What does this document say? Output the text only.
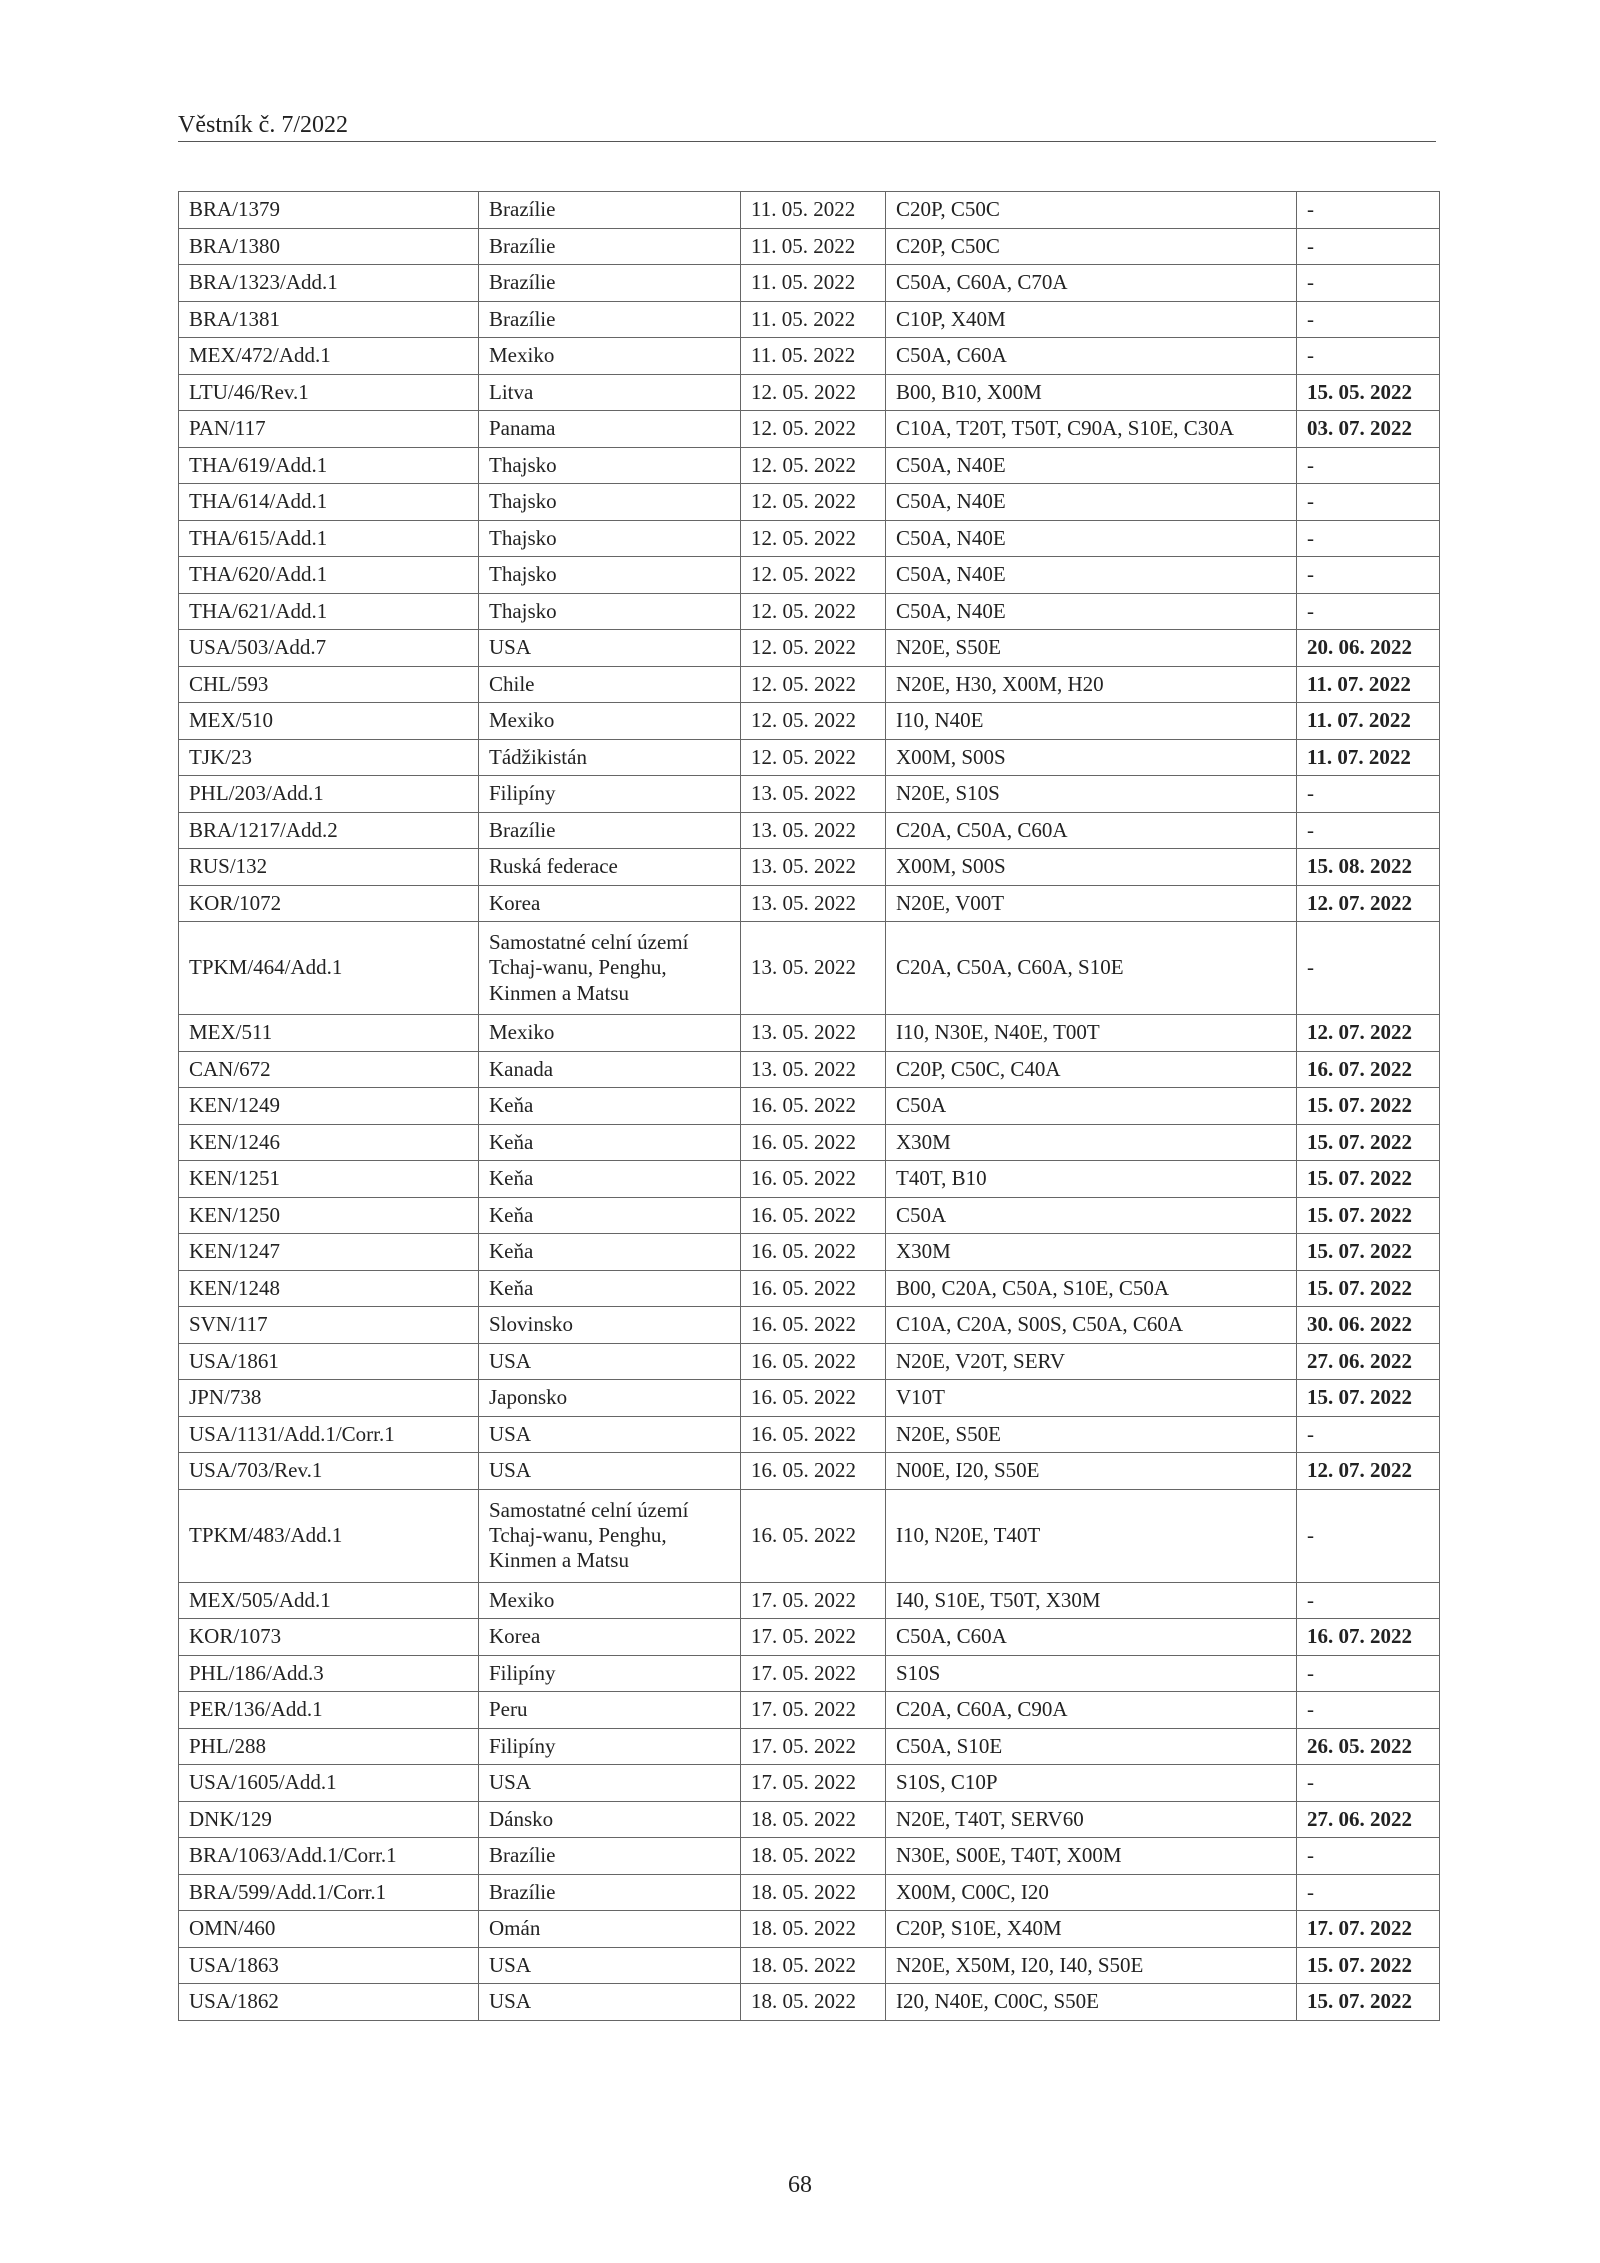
Věstník č. 7/2022
BRA/1379	Brazílie	11. 05. 2022	C20P, C50C	-
BRA/1380	Brazílie	11. 05. 2022	C20P, C50C	-
BRA/1323/Add.1	Brazílie	11. 05. 2022	C50A, C60A, C70A	-
BRA/1381	Brazílie	11. 05. 2022	C10P, X40M	-
MEX/472/Add.1	Mexiko	11. 05. 2022	C50A, C60A	-
LTU/46/Rev.1	Litva	12. 05. 2022	B00, B10, X00M	15. 05. 2022
PAN/117	Panama	12. 05. 2022	C10A, T20T, T50T, C90A, S10E, C30A	03. 07. 2022
THA/619/Add.1	Thajsko	12. 05. 2022	C50A, N40E	-
THA/614/Add.1	Thajsko	12. 05. 2022	C50A, N40E	-
THA/615/Add.1	Thajsko	12. 05. 2022	C50A, N40E	-
THA/620/Add.1	Thajsko	12. 05. 2022	C50A, N40E	-
THA/621/Add.1	Thajsko	12. 05. 2022	C50A, N40E	-
USA/503/Add.7	USA	12. 05. 2022	N20E, S50E	20. 06. 2022
CHL/593	Chile	12. 05. 2022	N20E, H30, X00M, H20	11. 07. 2022
MEX/510	Mexiko	12. 05. 2022	I10, N40E	11. 07. 2022
TJK/23	Tádžikistán	12. 05. 2022	X00M, S00S	11. 07. 2022
PHL/203/Add.1	Filipíny	13. 05. 2022	N20E, S10S	-
BRA/1217/Add.2	Brazílie	13. 05. 2022	C20A, C50A, C60A	-
RUS/132	Ruská federace	13. 05. 2022	X00M, S00S	15. 08. 2022
KOR/1072	Korea	13. 05. 2022	N20E, V00T	12. 07. 2022
TPKM/464/Add.1	Samostatné celní území Tchaj-wanu, Penghu, Kinmen a Matsu	13. 05. 2022	C20A, C50A, C60A, S10E	-
MEX/511	Mexiko	13. 05. 2022	I10, N30E, N40E, T00T	12. 07. 2022
CAN/672	Kanada	13. 05. 2022	C20P, C50C, C40A	16. 07. 2022
KEN/1249	Keňa	16. 05. 2022	C50A	15. 07. 2022
KEN/1246	Keňa	16. 05. 2022	X30M	15. 07. 2022
KEN/1251	Keňa	16. 05. 2022	T40T, B10	15. 07. 2022
KEN/1250	Keňa	16. 05. 2022	C50A	15. 07. 2022
KEN/1247	Keňa	16. 05. 2022	X30M	15. 07. 2022
KEN/1248	Keňa	16. 05. 2022	B00, C20A, C50A, S10E, C50A	15. 07. 2022
SVN/117	Slovinsko	16. 05. 2022	C10A, C20A, S00S, C50A, C60A	30. 06. 2022
USA/1861	USA	16. 05. 2022	N20E, V20T, SERV	27. 06. 2022
JPN/738	Japonsko	16. 05. 2022	V10T	15. 07. 2022
USA/1131/Add.1/Corr.1	USA	16. 05. 2022	N20E, S50E	-
USA/703/Rev.1	USA	16. 05. 2022	N00E, I20, S50E	12. 07. 2022
TPKM/483/Add.1	Samostatné celní území Tchaj-wanu, Penghu, Kinmen a Matsu	16. 05. 2022	I10, N20E, T40T	-
MEX/505/Add.1	Mexiko	17. 05. 2022	I40, S10E, T50T, X30M	-
KOR/1073	Korea	17. 05. 2022	C50A, C60A	16. 07. 2022
PHL/186/Add.3	Filipíny	17. 05. 2022	S10S	-
PER/136/Add.1	Peru	17. 05. 2022	C20A, C60A, C90A	-
PHL/288	Filipíny	17. 05. 2022	C50A, S10E	26. 05. 2022
USA/1605/Add.1	USA	17. 05. 2022	S10S, C10P	-
DNK/129	Dánsko	18. 05. 2022	N20E, T40T, SERV60	27. 06. 2022
BRA/1063/Add.1/Corr.1	Brazílie	18. 05. 2022	N30E, S00E, T40T, X00M	-
BRA/599/Add.1/Corr.1	Brazílie	18. 05. 2022	X00M, C00C, I20	-
OMN/460	Omán	18. 05. 2022	C20P, S10E, X40M	17. 07. 2022
USA/1863	USA	18. 05. 2022	N20E, X50M, I20, I40, S50E	15. 07. 2022
USA/1862	USA	18. 05. 2022	I20, N40E, C00C, S50E	15. 07. 2022
68
